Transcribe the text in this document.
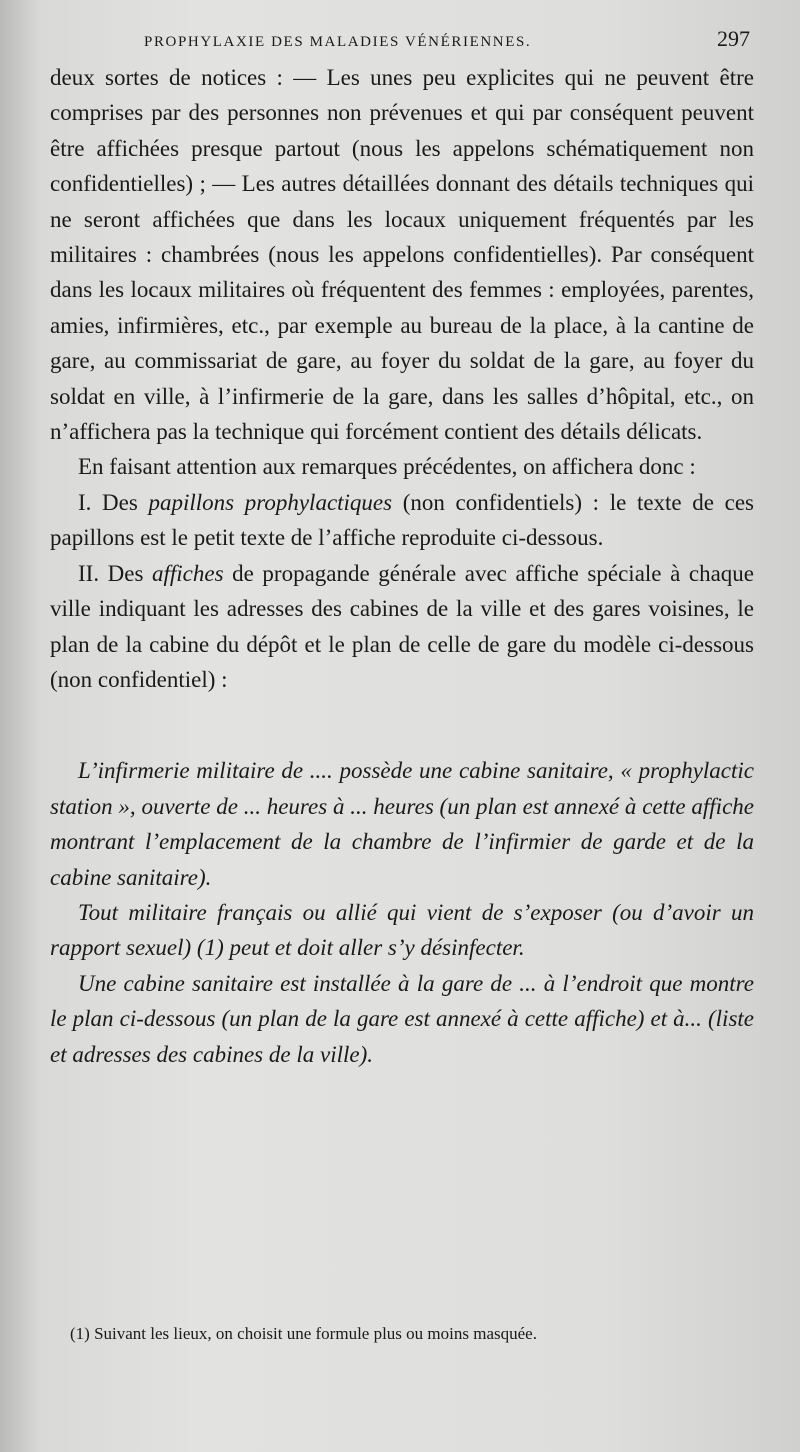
PROPHYLAXIE DES MALADIES VÉNÉRIENNES.	297

deux sortes de notices : — Les unes peu explicites qui ne peuvent être comprises par des personnes non prévenues et qui par conséquent peuvent être affichées presque partout (nous les appelons schématiquement non confidentielles) ; — Les autres détaillées donnant des détails techniques qui ne seront affichées que dans les locaux uniquement fréquentés par les militaires : chambrées (nous les appelons confidentielles). Par conséquent dans les locaux militaires où fréquentent des femmes : employées, parentes, amies, infirmières, etc., par exemple au bureau de la place, à la cantine de gare, au commissariat de gare, au foyer du soldat de la gare, au foyer du soldat en ville, à l’infirmerie de la gare, dans les salles d’hôpital, etc., on n’affichera pas la technique qui forcément contient des détails délicats.

En faisant attention aux remarques précédentes, on affichera donc :

I. Des papillons prophylactiques (non confidentiels) : le texte de ces papillons est le petit texte de l’affiche reproduite ci-dessous.

II. Des affiches de propagande générale avec affiche spéciale à chaque ville indiquant les adresses des cabines de la ville et des gares voisines, le plan de la cabine du dépôt et le plan de celle de gare du modèle ci-dessous (non confidentiel) :

L’infirmerie militaire de .... possède une cabine sanitaire, « prophylactic station », ouverte de ... heures à ... heures (un plan est annexé à cette affiche montrant l’emplacement de la chambre de l’infirmier de garde et de la cabine sanitaire).

Tout militaire français ou allié qui vient de s’exposer (ou d’avoir un rapport sexuel) (1) peut et doit aller s’y désinfecter.

Une cabine sanitaire est installée à la gare de ... à l’endroit que montre le plan ci-dessous (un plan de la gare est annexé à cette affiche) et à... (liste et adresses des cabines de la ville).

(1) Suivant les lieux, on choisit une formule plus ou moins masquée.
